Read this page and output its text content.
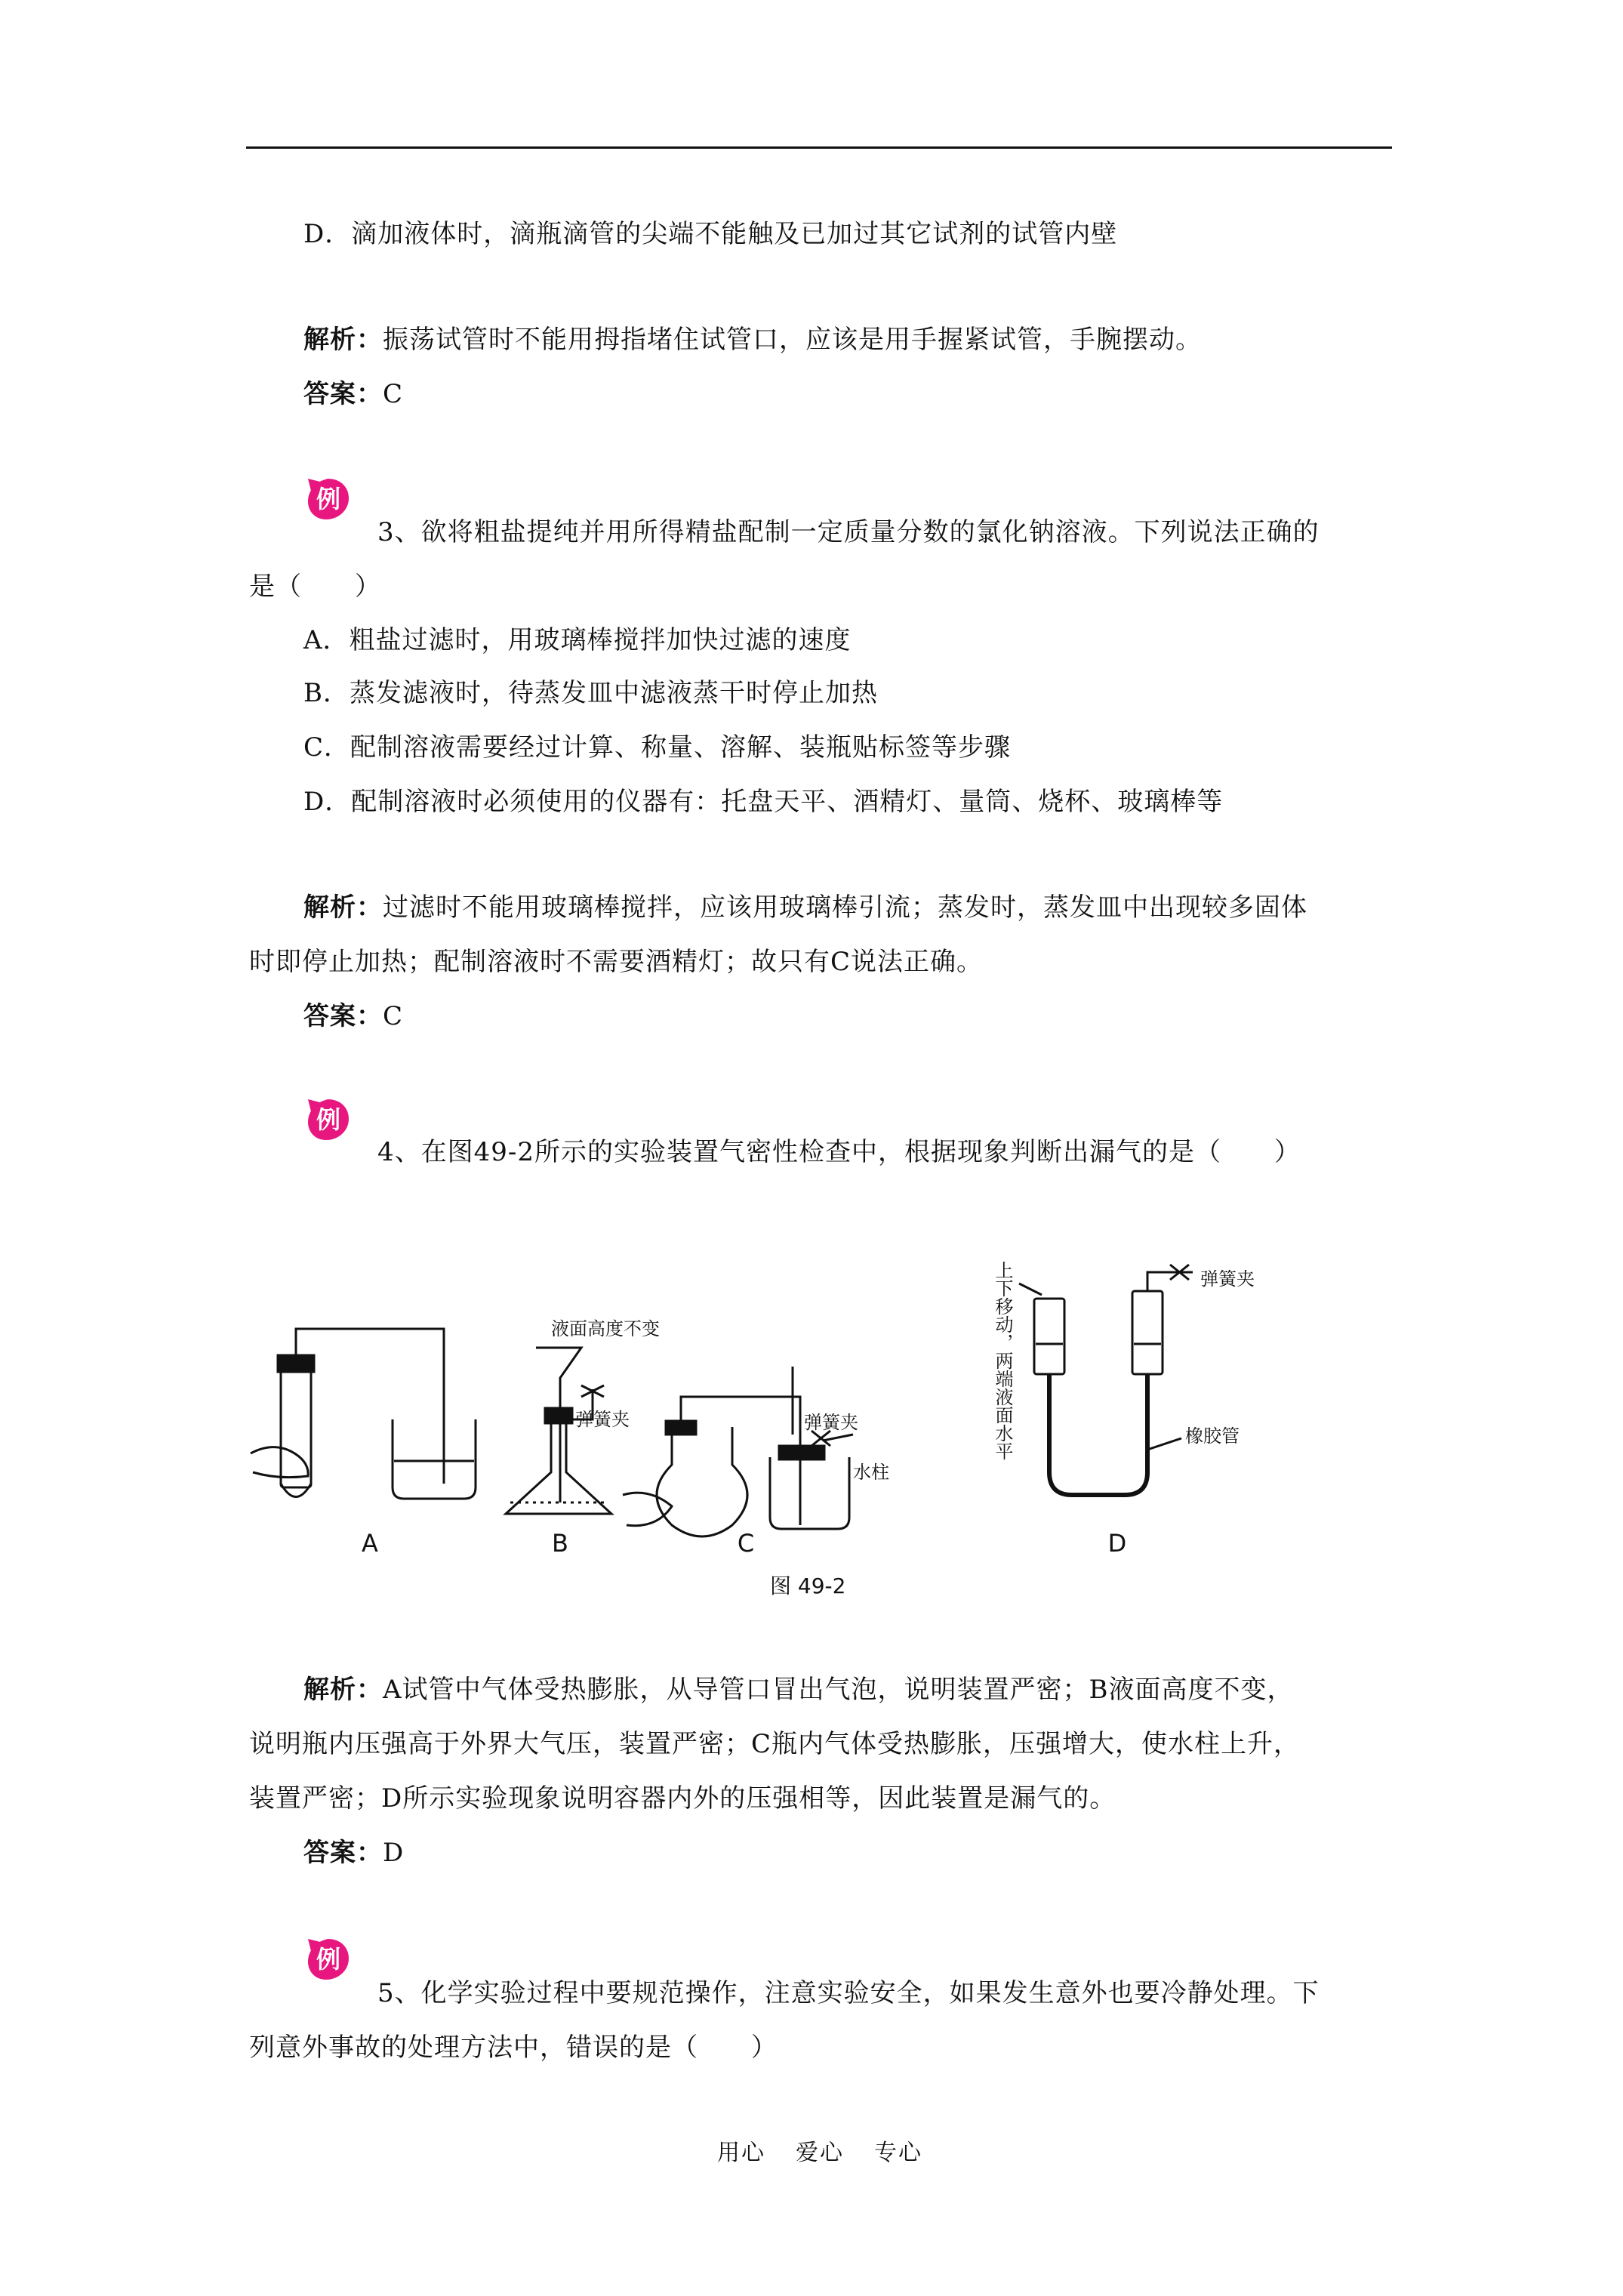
D．滴加液体时，滴瓶滴管的尖端不能触及已加过其它试剂的试管内壁
解析：振荡试管时不能用拇指堵住试管口，应该是用手握紧试管，手腕摆动。
答案：C
例
3、欲将粗盐提纯并用所得精盐配制一定质量分数的氯化钠溶液。下列说法正确的
是（　　）
A．粗盐过滤时，用玻璃棒搅拌加快过滤的速度
B．蒸发滤液时，待蒸发皿中滤液蒸干时停止加热
C．配制溶液需要经过计算、称量、溶解、装瓶贴标签等步骤
D．配制溶液时必须使用的仪器有：托盘天平、酒精灯、量筒、烧杯、玻璃棒等
解析：过滤时不能用玻璃棒搅拌，应该用玻璃棒引流；蒸发时，蒸发皿中出现较多固体
时即停止加热；配制溶液时不需要酒精灯；故只有C说法正确。
答案：C
例
4、在图49-2所示的实验装置气密性检查中，根据现象判断出漏气的是（　　）
液面高度不变
弹簧夹	弹簧夹
水柱
弹簧夹
橡胶管
上下移动，两端液面水平
A	B	C	D
图 49-2
解析：A试管中气体受热膨胀，从导管口冒出气泡，说明装置严密；B液面高度不变，
说明瓶内压强高于外界大气压，装置严密；C瓶内气体受热膨胀，压强增大，使水柱上升，
装置严密；D所示实验现象说明容器内外的压强相等，因此装置是漏气的。
答案：D
例
5、化学实验过程中要规范操作，注意实验安全，如果发生意外也要冷静处理。下
列意外事故的处理方法中，错误的是（　　）
用心 爱心 专心
